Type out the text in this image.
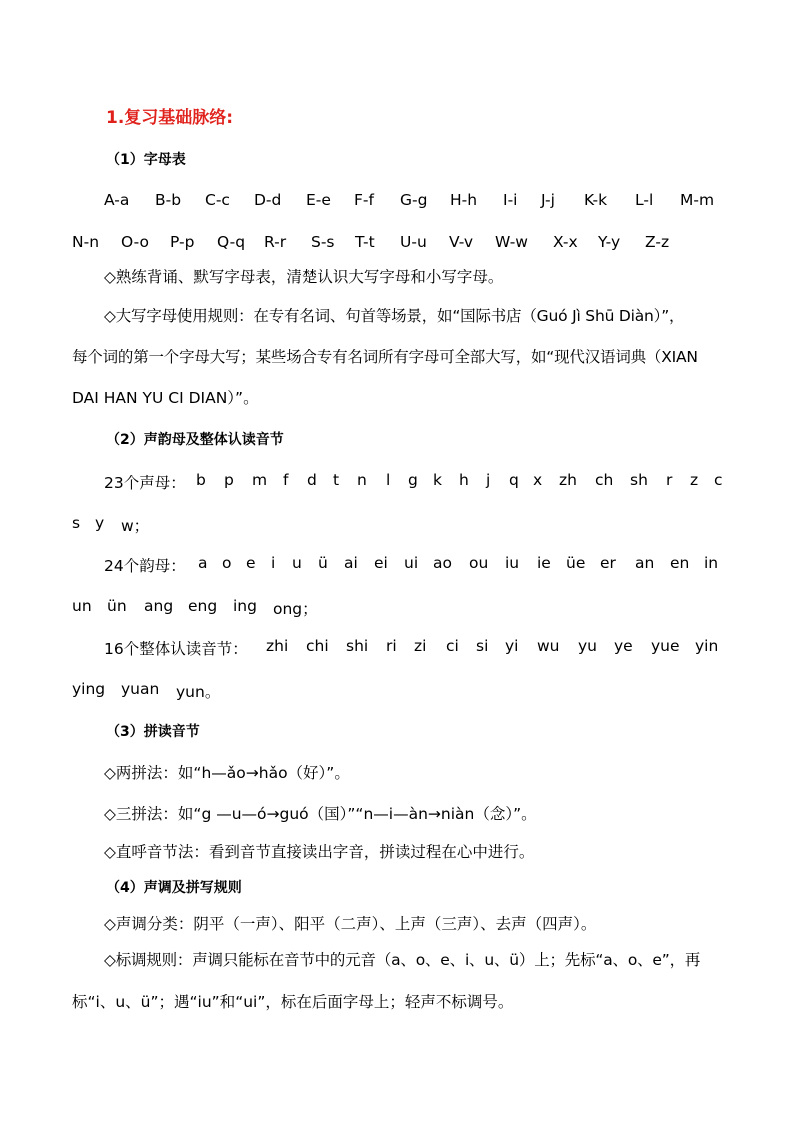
1.复习基础脉络:
（1）字母表
A-a B-b C-c D-d E-e F-f G-g H-h I-i J-j K-k L-l M-m
N-n O-o P-p Q-q R-r S-s T-t U-u V-v W-w X-x Y-y Z-z
◇熟练背诵、默写字母表，清楚认识大写字母和小写字母。
◇大写字母使用规则：在专有名词、句首等场景，如“国际书店（Guó Jì Shū Diàn）”，
每个词的第一个字母大写；某些场合专有名词所有字母可全部大写，如“现代汉语词典（XIAN
DAI HAN YU CI DIAN）”。
（2）声韵母及整体认读音节
23个声母： b p m f d t n l g k h j q x zh ch sh r z c
s y w；
24个韵母： a o e i u ü ai ei ui ao ou iu ie üe er an en in
un ün ang eng ing ong；
16个整体认读音节： zhi chi shi ri zi ci si yi wu yu ye yue yin
ying yuan yun。
（3）拼读音节
◇两拼法：如“h—ǎo→hǎo（好）”。
◇三拼法：如“g —u—ó→guó（国）”“n—i—àn→niàn（念）”。
◇直呼音节法：看到音节直接读出字音，拼读过程在心中进行。
（4）声调及拼写规则
◇声调分类：阴平（一声）、阳平（二声）、上声（三声）、去声（四声）。
◇标调规则：声调只能标在音节中的元音（a、o、e、i、u、ü）上；先标“a、o、e”，再
标“i、u、ü”；遇“iu”和“ui”，标在后面字母上；轻声不标调号。
